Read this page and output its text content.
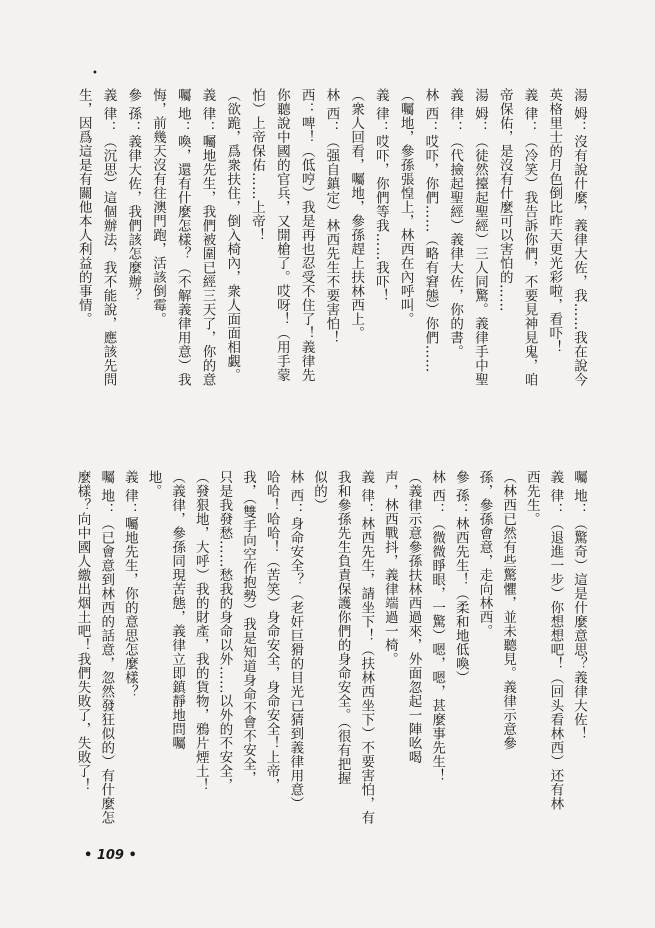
•
湯 姆：沒有說什麼，義律大佐，我……我在說今
英格里士的月色倒比昨天更光彩啦，看吓！
義 律：（冷笑）我告訴你們，不要見神見鬼，咱
帝保佑，是沒有什麼可以害怕的……
湯 姆：（徒然擡起聖經）三人同驚。義律手中聖
義 律：（代撿起聖經）義律大佐，你的書。
林 西：哎吓，你們……（略有窘態）你們……
（囑地，參孫張惶上，林西在內呼叫。
義 律：哎吓，你們等我……我吓！
（衆人回看，囑地，參孫趕上扶林西上。
林 西：（强自鎮定）林西先生不要害怕！
西：啤！（低哼）我是再也忍受不住了！義律先
你聽說中國的官兵，又開槍了。哎呀！（用手蒙
怕）上帝保佑……上帝！
（欲跪，爲衆扶住，倒入椅內，衆人面面相覷。
義 律：囑地先生，我們被圍已經三天了，你的意
囑 地：喚，還有什麼怎樣？（不解義律用意）我
悔，前幾天沒有往澳門跑，活該倒霉。
參 孫：義律大佐，我們該怎麼辦？
義 律：（沉思）這個辦法，我不能說，應該先問
生，因爲這是有關他本人利益的事情。
囑 地：（驚奇）這是什麼意思？義律大佐！
義 律：（退進一步）你想想吧！（回头看林西）还有林
西先生。
（林西已然有些驚懼，並未聽見。義律示意參
孫，參孫會意，走向林西。
參 孫：林西先生！（柔和地低喚）
林 西：（微微睜眼，一驚）嗯，嗯，甚麼事先生！
（義律示意參孫扶林西過來，外面忽起一陣吆喝
声，林西戰抖，義律端過一椅。
義 律：林西先生，請坐下！（扶林西坐下）不要害怕，有
我和參孫先生負責保護你們的身命安全。（很有把握
似的）
林 西：身命安全？（老奸巨猾的目光已猜到義律用意）
哈哈！哈哈！（苦笑）身命安全，身命安全！上帝，
我，（雙手向空作抱勢）我是知道身命不會不安全，
只是我發愁……愁我的身命以外……以外的不安全，
（發狠地，大呼）我的財產，我的貨物，鴉片煙土！
（義律，參孫同現苦態，義律立即鎮靜地問囑
地。
義 律：囑地先生，你的意思怎麼樣？
囑 地：（已會意到林西的話意，忽然發狂似的）有什麼怎
麼樣？向中國人繳出烟土吧！我們失敗了，失敗了！
• 109 •
